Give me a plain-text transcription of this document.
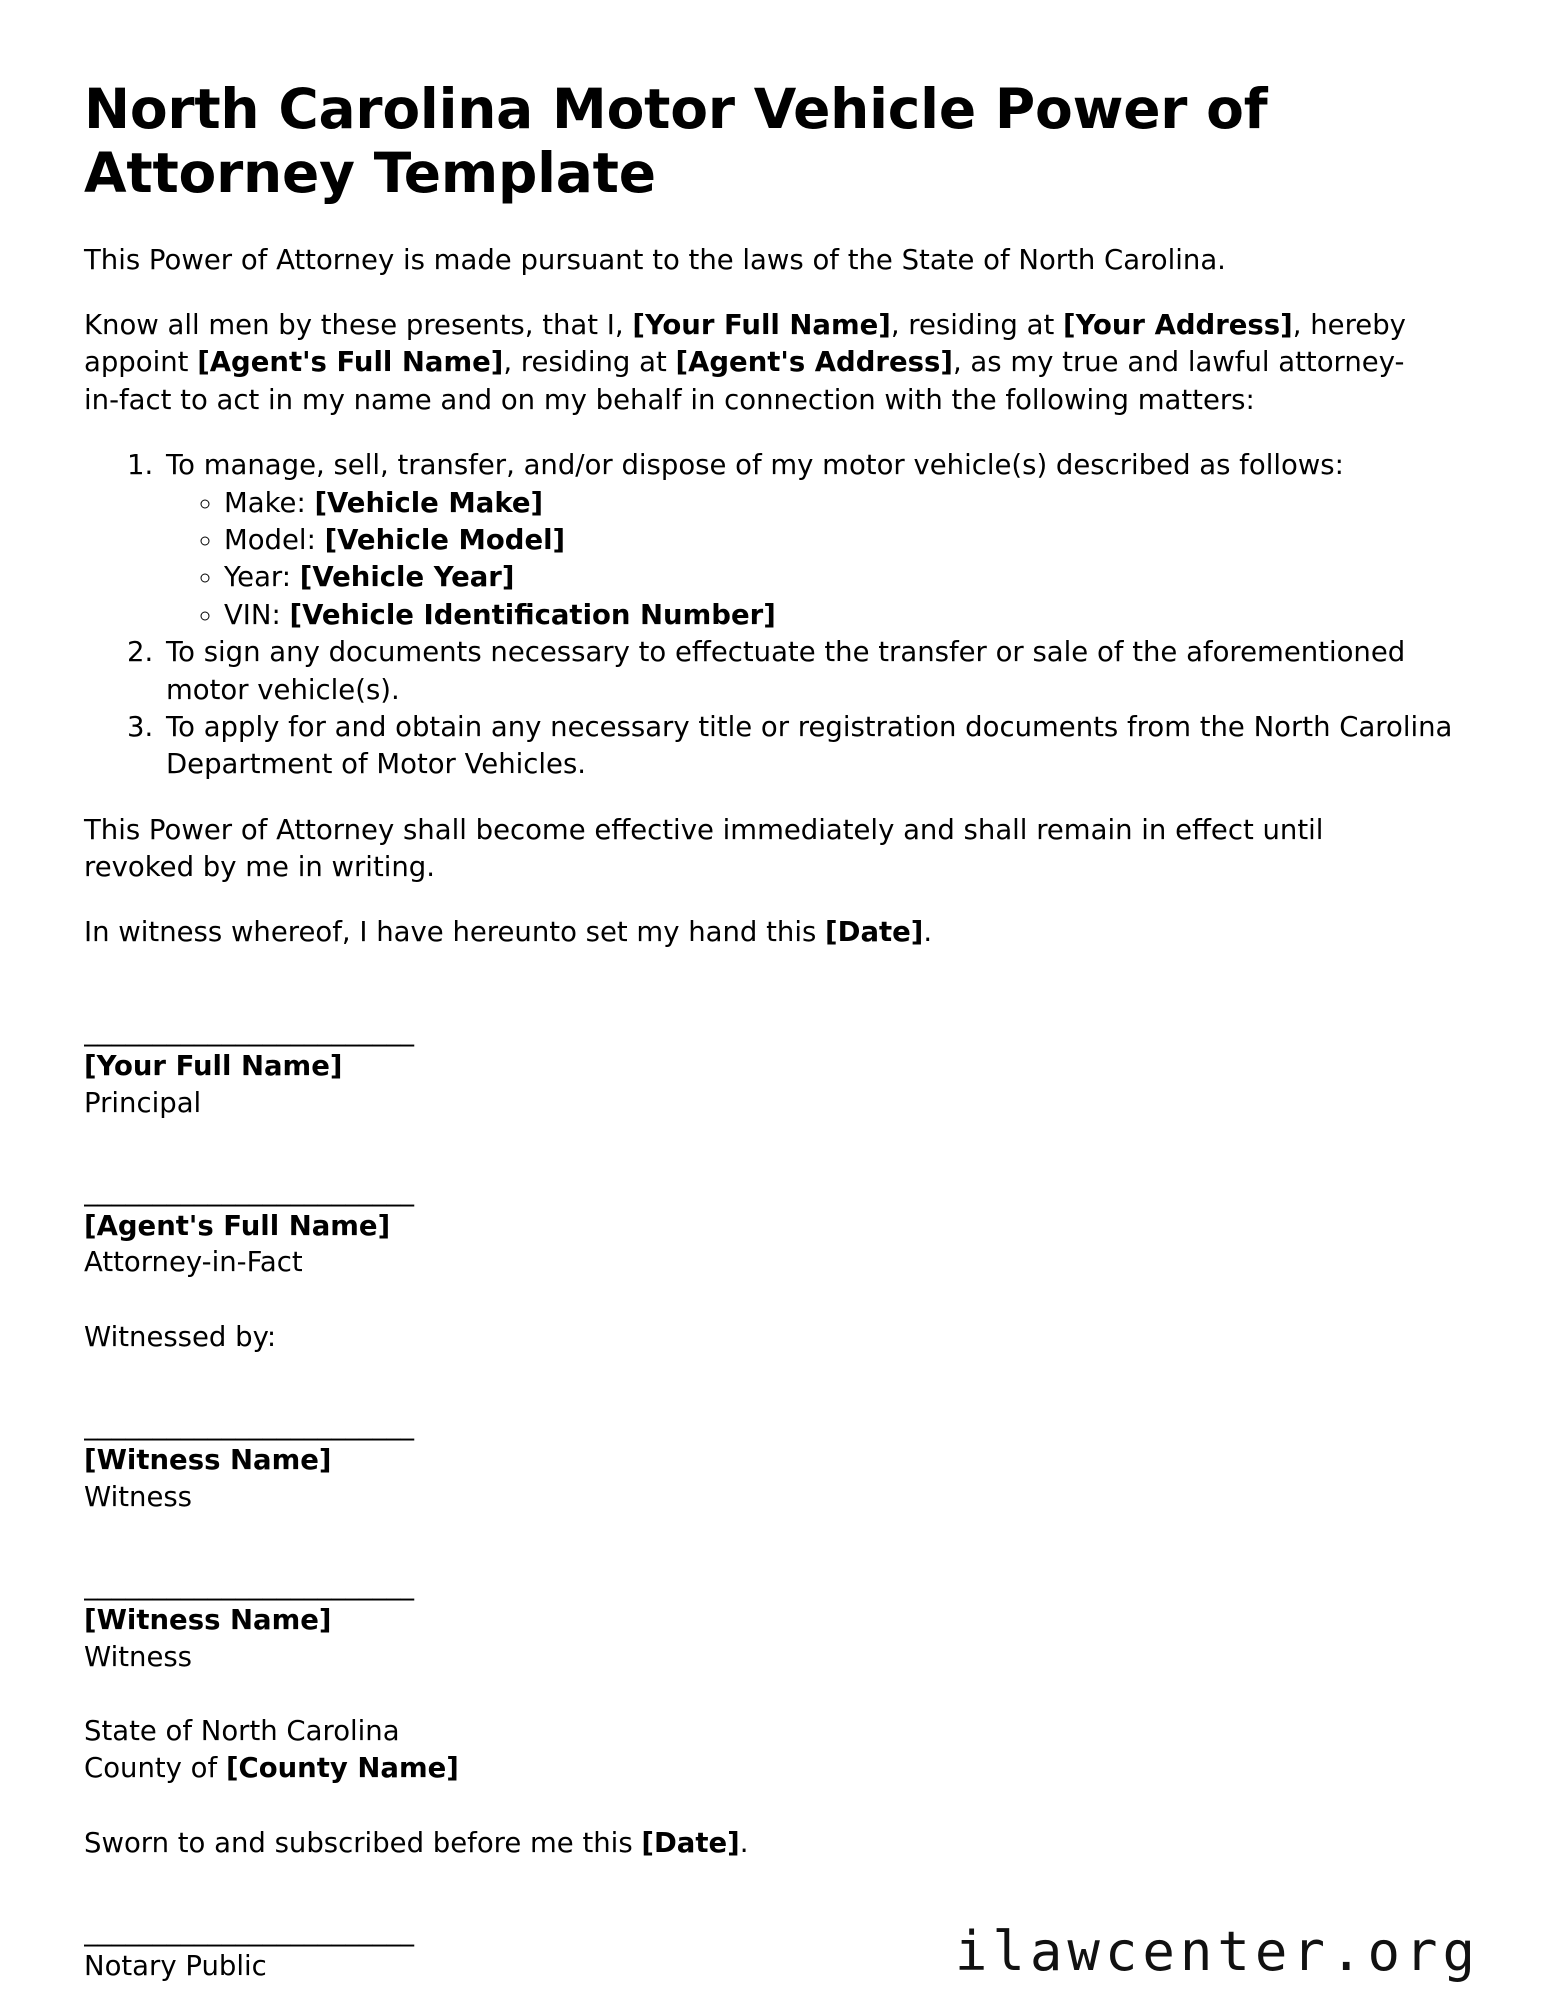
North Carolina Motor Vehicle Power of Attorney Template

This Power of Attorney is made pursuant to the laws of the State of North Carolina.

Know all men by these presents, that I, [Your Full Name], residing at [Your Address], hereby appoint [Agent's Full Name], residing at [Agent's Address], as my true and lawful attorney-in-fact to act in my name and on my behalf in connection with the following matters:

1. To manage, sell, transfer, and/or dispose of my motor vehicle(s) described as follows:
◦ Make: [Vehicle Make]
◦ Model: [Vehicle Model]
◦ Year: [Vehicle Year]
◦ VIN: [Vehicle Identification Number]
2. To sign any documents necessary to effectuate the transfer or sale of the aforementioned motor vehicle(s).
3. To apply for and obtain any necessary title or registration documents from the North Carolina Department of Motor Vehicles.

This Power of Attorney shall become effective immediately and shall remain in effect until revoked by me in writing.

In witness whereof, I have hereunto set my hand this [Date].

________________________
[Your Full Name]
Principal
________________________
[Agent's Full Name]
Attorney-in-Fact
Witnessed by:
________________________
[Witness Name]
Witness
________________________
[Witness Name]
Witness
State of North Carolina
County of [County Name]
Sworn to and subscribed before me this [Date].
________________________
Notary Public	ilawcenter.org
